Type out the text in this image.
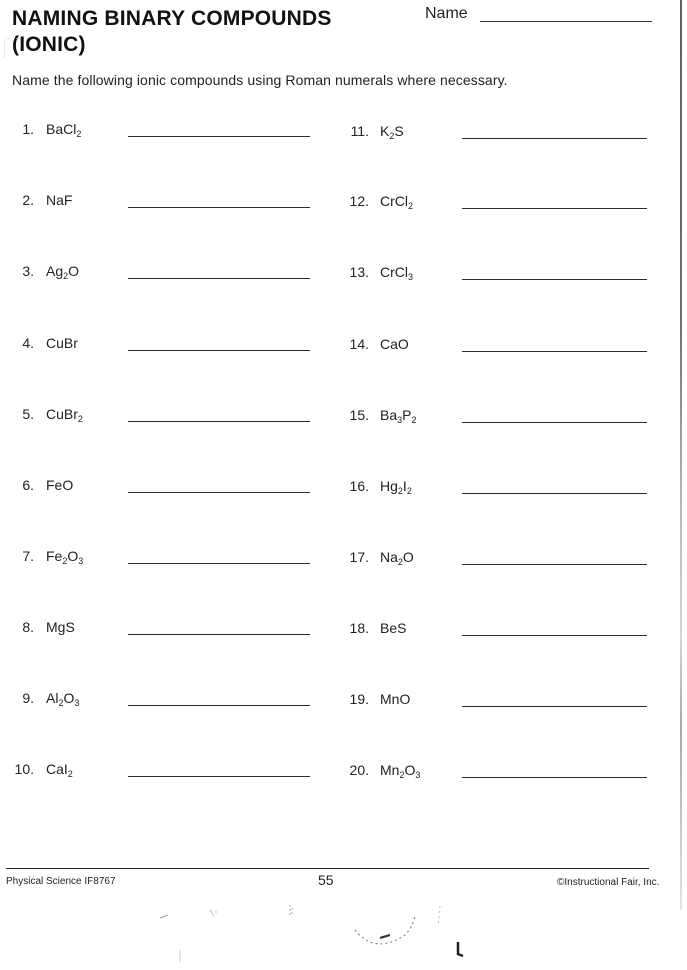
NAMING BINARY COMPOUNDS
(IONIC)
Name
Name the following ionic compounds using Roman numerals where necessary.
1. BaCl$_2$
2. NaF
3. $Ag_2O$
4. CuBr
5. CuBr$_2$
6. FeO
7. $Fe_2O_3$
8. MgS
9. $Al_2O_3$
10. CaI$_2$
11. $K_2S$
12. CrCl$_2$
13. CrCl$_3$
14. CaO
15. $Ba_3P_2$
16. $Hg_2I_2$
17. $Na_2O$
18. BeS
19. MnO
20. $Mn_2O_3$
Physical Science IF8767	55	©Instructional Fair, Inc.
